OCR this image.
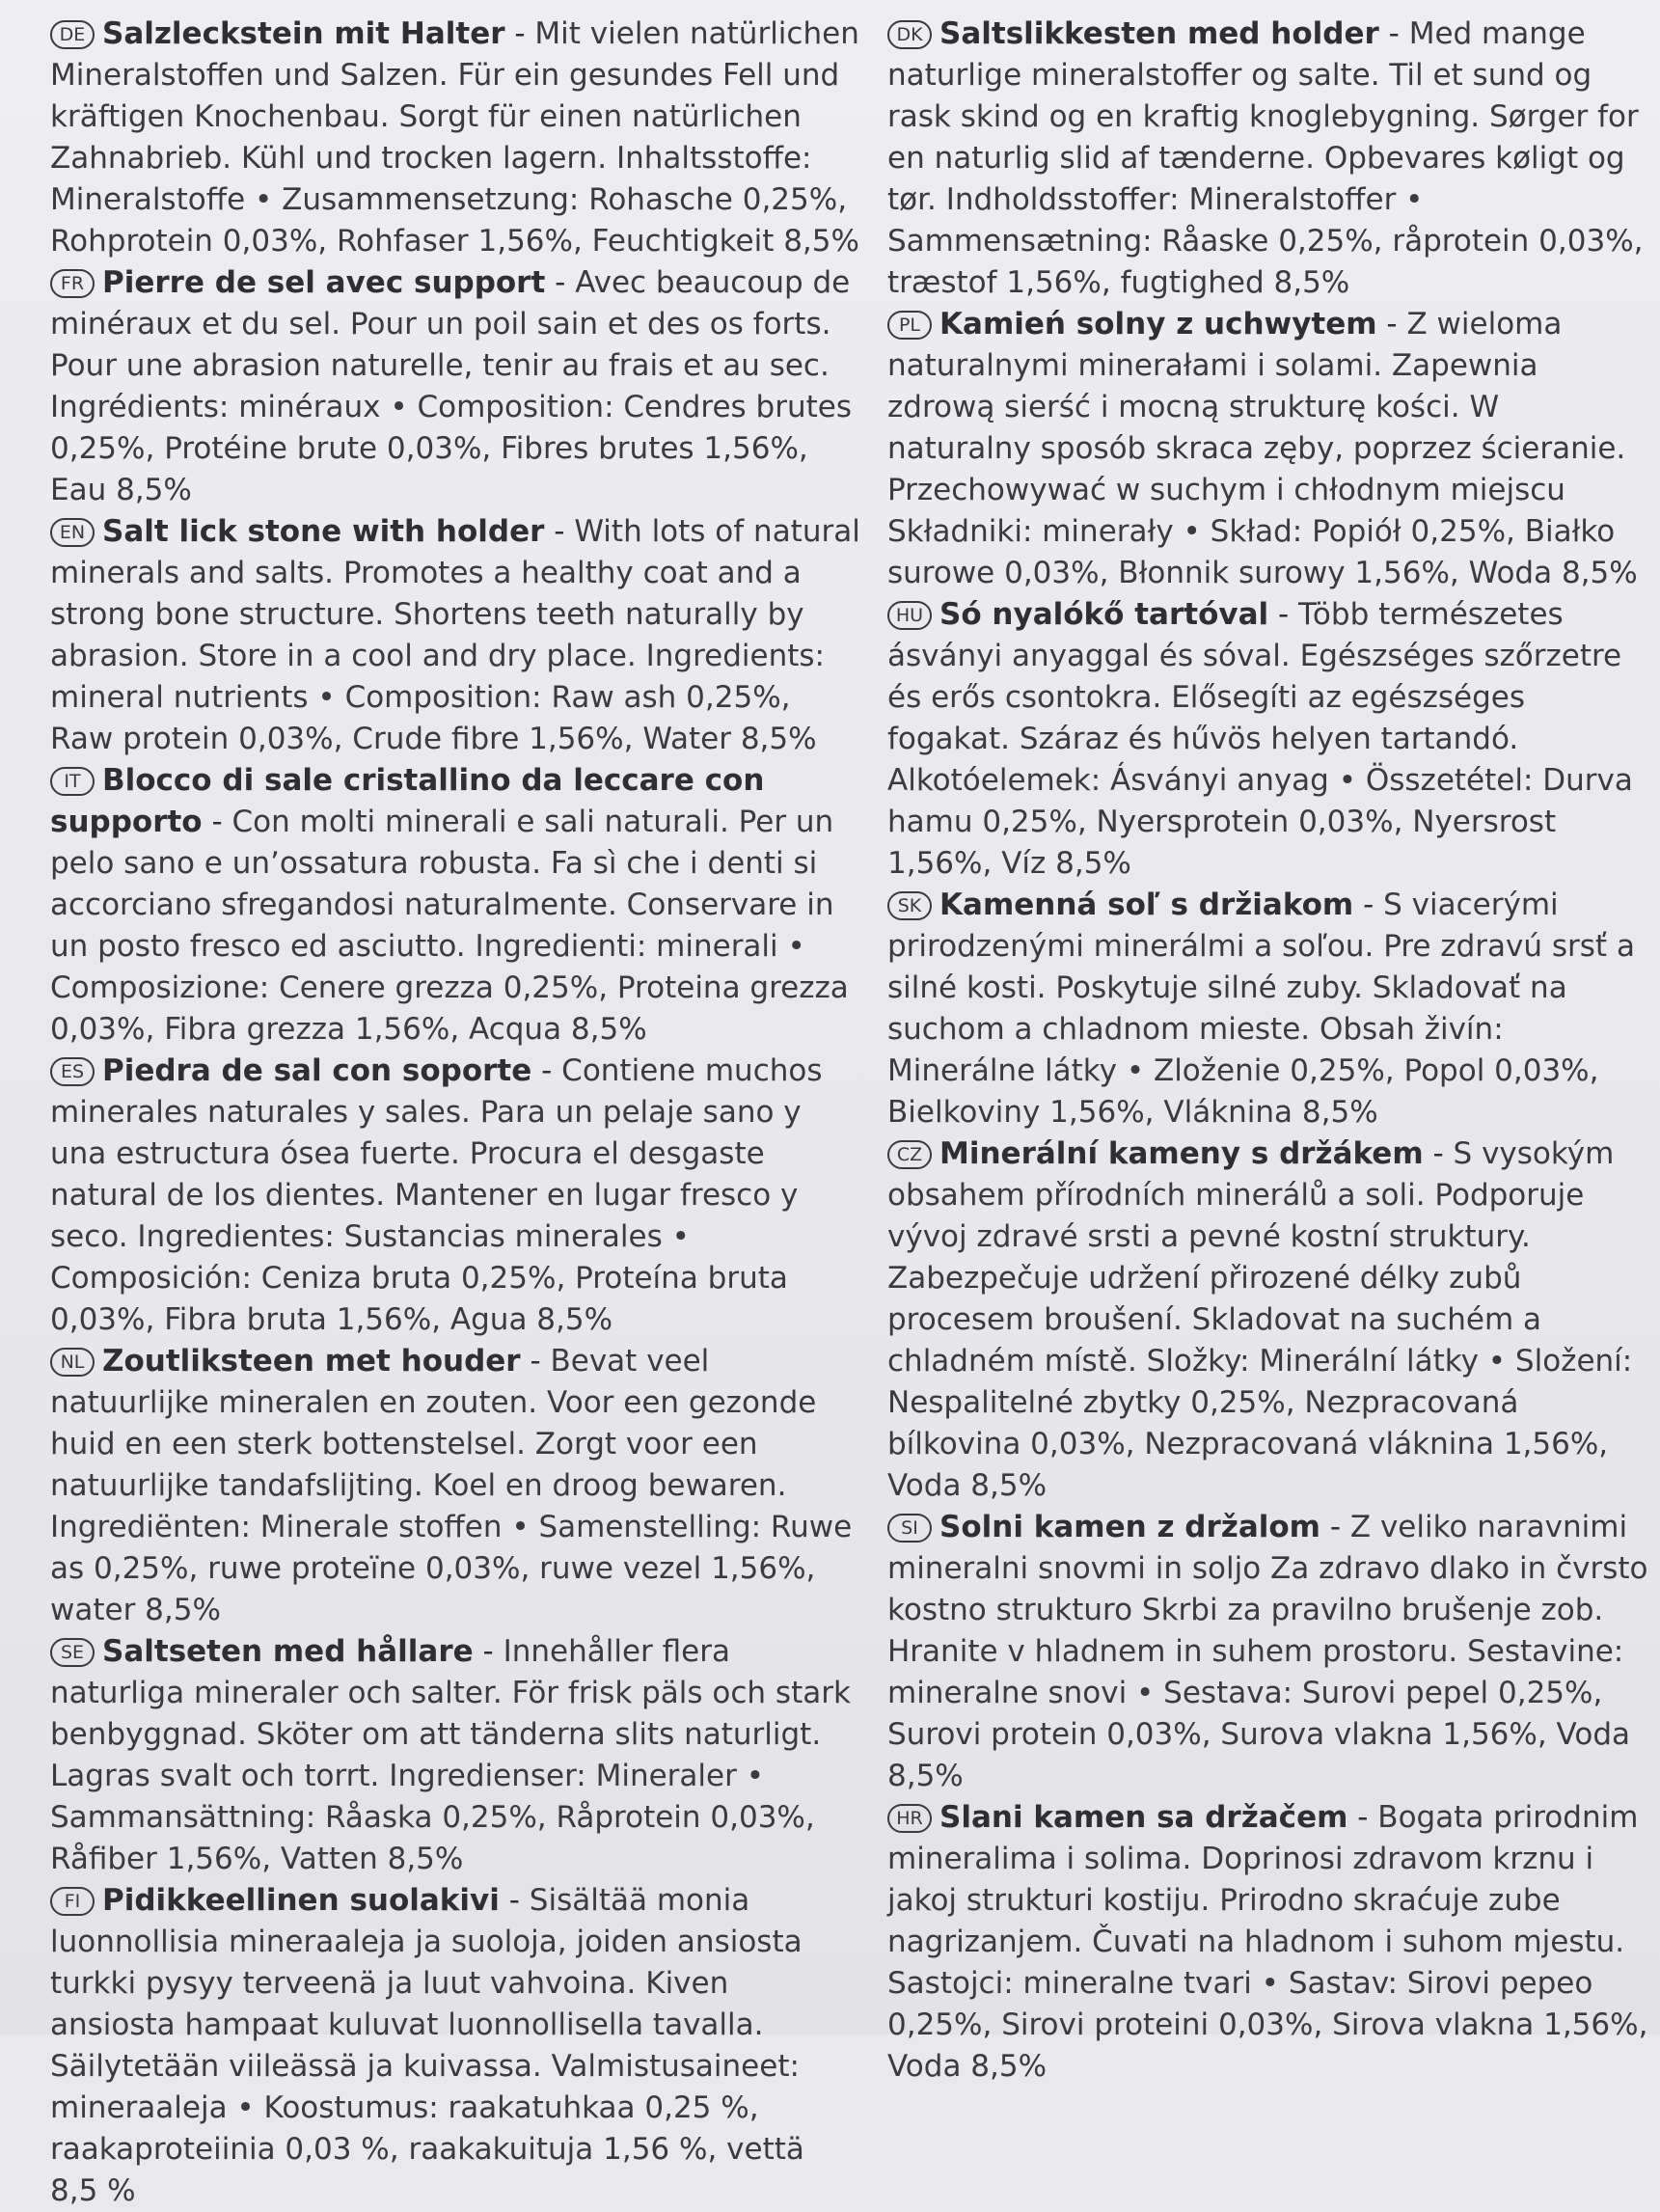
DE Salzleckstein mit Halter - Mit vielen natürlichen Mineralstoffen und Salzen. Für ein gesundes Fell und kräftigen Knochenbau. Sorgt für einen natürlichen Zahnabrieb. Kühl und trocken lagern. Inhaltsstoffe: Mineralstoffe • Zusammensetzung: Rohasche 0,25%, Rohprotein 0,03%, Rohfaser 1,56%, Feuchtigkeit 8,5%

FR Pierre de sel avec support - Avec beaucoup de minéraux et du sel. Pour un poil sain et des os forts. Pour une abrasion naturelle, tenir au frais et au sec. Ingrédients: minéraux • Composition: Cendres brutes 0,25%, Protéine brute 0,03%, Fibres brutes 1,56%, Eau 8,5%

EN Salt lick stone with holder - With lots of natural minerals and salts. Promotes a healthy coat and a strong bone structure. Shortens teeth naturally by abrasion. Store in a cool and dry place. Ingredients: mineral nutrients • Composition: Raw ash 0,25%, Raw protein 0,03%, Crude fibre 1,56%, Water 8,5%

IT Blocco di sale cristallino da leccare con supporto - Con molti minerali e sali naturali. Per un pelo sano e un’ossatura robusta. Fa sì che i denti si accorciano sfregandosi naturalmente. Conservare in un posto fresco ed asciutto. Ingredienti: minerali • Composizione: Cenere grezza 0,25%, Proteina grezza 0,03%, Fibra grezza 1,56%, Acqua 8,5%

ES Piedra de sal con soporte - Contiene muchos minerales naturales y sales. Para un pelaje sano y una estructura ósea fuerte. Procura el desgaste natural de los dientes. Mantener en lugar fresco y seco. Ingredientes: Sustancias minerales • Composición: Ceniza bruta 0,25%, Proteína bruta 0,03%, Fibra bruta 1,56%, Agua 8,5%

NL Zoutliksteen met houder - Bevat veel natuurlijke mineralen en zouten. Voor een gezonde huid en een sterk bottenstelsel. Zorgt voor een natuurlijke tandafslijting. Koel en droog bewaren. Ingrediënten: Minerale stoffen • Samenstelling: Ruwe as 0,25%, ruwe proteïne 0,03%, ruwe vezel 1,56%, water 8,5%

SE Saltseten med hållare - Innehåller flera naturliga mineraler och salter. För frisk päls och stark benbyggnad. Sköter om att tänderna slits naturligt. Lagras svalt och torrt. Ingredienser: Mineraler • Sammansättning: Råaska 0,25%, Råprotein 0,03%, Råfiber 1,56%, Vatten 8,5%

FI Pidikkeellinen suolakivi - Sisältää monia luonnollisia mineraaleja ja suoloja, joiden ansiosta turkki pysyy terveenä ja luut vahvoina. Kiven ansiosta hampaat kuluvat luonnollisella tavalla. Säilytetään viileässä ja kuivassa. Valmistusaineet: mineraaleja • Koostumus: raakatuhkaa 0,25 %, raakaproteiinia 0,03 %, raakakuituja 1,56 %, vettä 8,5 %

DK Saltslikkesten med holder - Med mange naturlige mineralstoffer og salte. Til et sund og rask skind og en kraftig knoglebygning. Sørger for en naturlig slid af tænderne. Opbevares køligt og tør. Indholdsstoffer: Mineralstoffer • Sammensætning: Råaske 0,25%, råprotein 0,03%, træstof 1,56%, fugtighed 8,5%

PL Kamień solny z uchwytem - Z wieloma naturalnymi minerałami i solami. Zapewnia zdrową sierść i mocną strukturę kości. W naturalny sposób skraca zęby, poprzez ścieranie. Przechowywać w suchym i chłodnym miejscu Składniki: minerały • Skład: Popiół 0,25%, Białko surowe 0,03%, Błonnik surowy 1,56%, Woda 8,5%

HU Só nyalókő tartóval - Több természetes ásványi anyaggal és sóval. Egészséges szőrzetre és erős csontokra. Elősegíti az egészséges fogakat. Száraz és hűvös helyen tartandó. Alkotóelemek: Ásványi anyag • Összetétel: Durva hamu 0,25%, Nyersprotein 0,03%, Nyersrost 1,56%, Víz 8,5%

SK Kamenná soľ s držiakom - S viacerými prirodzenými minerálmi a soľou. Pre zdravú srsť a silné kosti. Poskytuje silné zuby. Skladovať na suchom a chladnom mieste. Obsah živín: Minerálne látky • Zloženie 0,25%, Popol 0,03%, Bielkoviny 1,56%, Vláknina 8,5%

CZ Minerální kameny s držákem - S vysokým obsahem přírodních minerálů a soli. Podporuje vývoj zdravé srsti a pevné kostní struktury. Zabezpečuje udržení přirozené délky zubů procesem broušení. Skladovat na suchém a chladném místě. Složky: Minerální látky • Složení: Nespalitelné zbytky 0,25%, Nezpracovaná bílkovina 0,03%, Nezpracovaná vláknina 1,56%, Voda 8,5%

SI Solni kamen z držalom - Z veliko naravnimi mineralni snovmi in soljo Za zdravo dlako in čvrsto kostno strukturo Skrbi za pravilno brušenje zob. Hranite v hladnem in suhem prostoru. Sestavine: mineralne snovi • Sestava: Surovi pepel 0,25%, Surovi protein 0,03%, Surova vlakna 1,56%, Voda 8,5%

HR Slani kamen sa držačem - Bogata prirodnim mineralima i solima. Doprinosi zdravom krznu i jakoj strukturi kostiju. Prirodno skraćuje zube nagrizanjem. Čuvati na hladnom i suhom mjestu. Sastojci: mineralne tvari • Sastav: Sirovi pepeo 0,25%, Sirovi proteini 0,03%, Sirova vlakna 1,56%, Voda 8,5%
